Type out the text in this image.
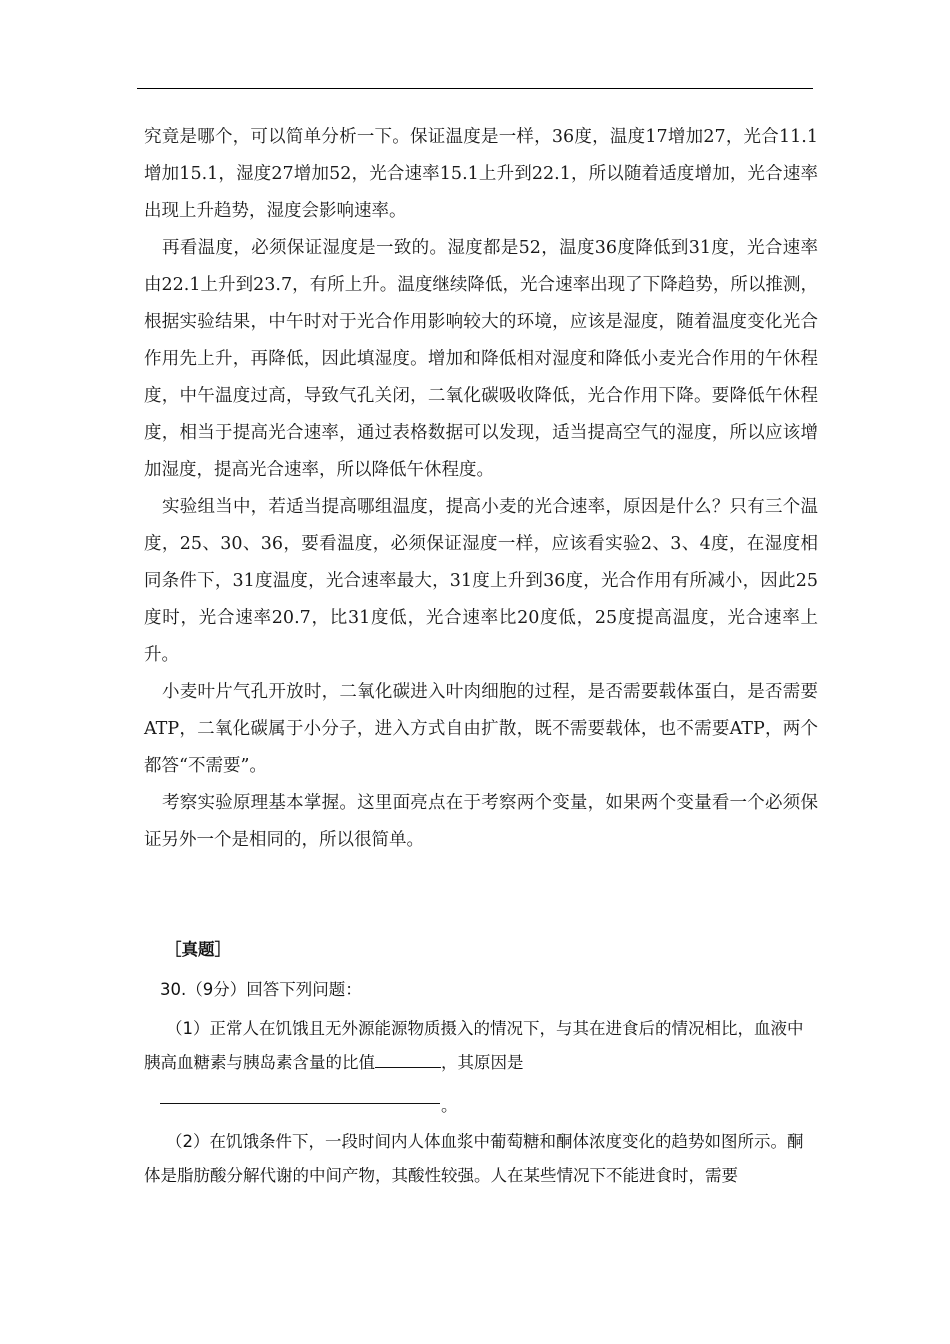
究竟是哪个，可以简单分析一下。保证温度是一样，36度，温度17增加27，光合11.1增加15.1，湿度27增加52，光合速率15.1上升到22.1，所以随着适度增加，光合速率出现上升趋势，湿度会影响速率。

再看温度，必须保证湿度是一致的。湿度都是52，温度36度降低到31度，光合速率由22.1上升到23.7，有所上升。温度继续降低，光合速率出现了下降趋势，所以推测，根据实验结果，中午时对于光合作用影响较大的环境，应该是湿度，随着温度变化光合作用先上升，再降低，因此填湿度。增加和降低相对湿度和降低小麦光合作用的午休程度，中午温度过高，导致气孔关闭，二氧化碳吸收降低，光合作用下降。要降低午休程度，相当于提高光合速率，通过表格数据可以发现，适当提高空气的湿度，所以应该增加湿度，提高光合速率，所以降低午休程度。

实验组当中，若适当提高哪组温度，提高小麦的光合速率，原因是什么？只有三个温度，25、30、36，要看温度，必须保证湿度一样，应该看实验2、3、4度，在湿度相同条件下，31度温度，光合速率最大，31度上升到36度，光合作用有所减小，因此25度时，光合速率20.7，比31度低，光合速率比20度低，25度提高温度，光合速率上升。

小麦叶片气孔开放时，二氧化碳进入叶肉细胞的过程，是否需要载体蛋白，是否需要ATP，二氧化碳属于小分子，进入方式自由扩散，既不需要载体，也不需要ATP，两个都答“不需要”。

考察实验原理基本掌握。这里面亮点在于考察两个变量，如果两个变量看一个必须保证另外一个是相同的，所以很简单。

［真题］
30.（9分）回答下列问题：
（1）正常人在饥饿且无外源能源物质摄入的情况下，与其在进食后的情况相比，血液中胰高血糖素与胰岛素含量的比值	，其原因是
。
（2）在饥饿条件下，一段时间内人体血浆中葡萄糖和酮体浓度变化的趋势如图所示。酮体是脂肪酸分解代谢的中间产物，其酸性较强。人在某些情况下不能进食时，需要
